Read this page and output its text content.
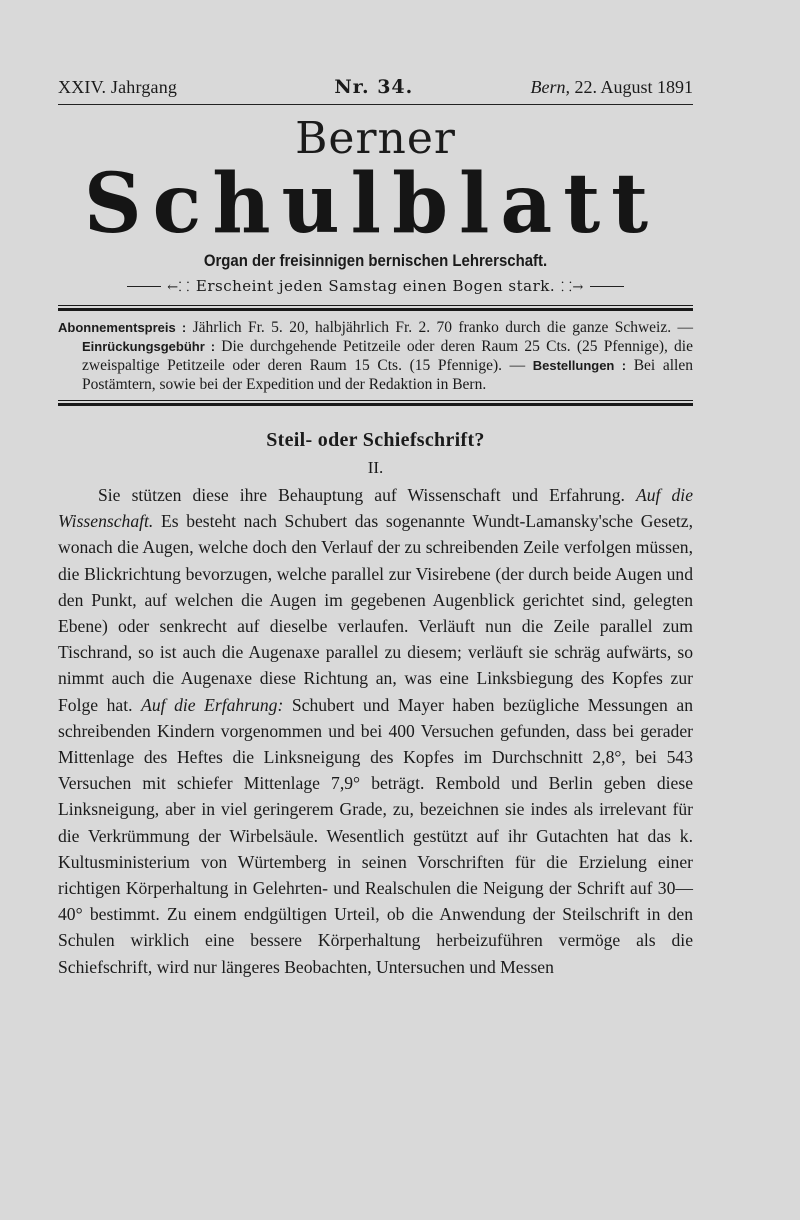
XXIV. Jahrgang	Nr. 34.	Bern, 22. August 1891
Berner
Schulblatt
Organ der freisinnigen bernischen Lehrerschaft.
←⸬ Erscheint jeden Samstag einen Bogen stark. ⸬→
Abonnementspreis : Jährlich Fr. 5. 20, halbjährlich Fr. 2. 70 franko durch die ganze Schweiz. — Einrückungsgebühr : Die durchgehende Petitzeile oder deren Raum 25 Cts. (25 Pfennige), die zweispaltige Petitzeile oder deren Raum 15 Cts. (15 Pfennige). — Bestellungen : Bei allen Postämtern, sowie bei der Expedition und der Redaktion in Bern.
Steil- oder Schiefschrift?
II.

Sie stützen diese ihre Behauptung auf Wissenschaft und Erfahrung. Auf die Wissenschaft. Es besteht nach Schubert das sogenannte Wundt-Lamansky'sche Gesetz, wonach die Augen, welche doch den Verlauf der zu schreibenden Zeile verfolgen müssen, die Blickrichtung bevorzugen, welche parallel zur Visirebene (der durch beide Augen und den Punkt, auf welchen die Augen im gegebenen Augenblick gerichtet sind, gelegten Ebene) oder senkrecht auf dieselbe verlaufen. Verläuft nun die Zeile parallel zum Tischrand, so ist auch die Augenaxe parallel zu diesem; verläuft sie schräg aufwärts, so nimmt auch die Augenaxe diese Richtung an, was eine Linksbiegung des Kopfes zur Folge hat. Auf die Erfahrung: Schubert und Mayer haben bezügliche Messungen an schreibenden Kindern vorgenommen und bei 400 Versuchen gefunden, dass bei gerader Mittenlage des Heftes die Linksneigung des Kopfes im Durchschnitt 2,8°, bei 543 Versuchen mit schiefer Mittenlage 7,9° beträgt. Rembold und Berlin geben diese Linksneigung, aber in viel geringerem Grade, zu, bezeichnen sie indes als irrelevant für die Verkrümmung der Wirbelsäule. Wesentlich gestützt auf ihr Gutachten hat das k. Kultusministerium von Würtemberg in seinen Vorschriften für die Erzielung einer richtigen Körperhaltung in Gelehrten- und Realschulen die Neigung der Schrift auf 30—40° bestimmt. Zu einem endgültigen Urteil, ob die Anwendung der Steilschrift in den Schulen wirklich eine bessere Körperhaltung herbeizuführen vermöge als die Schiefschrift, wird nur längeres Beobachten, Untersuchen und Messen
